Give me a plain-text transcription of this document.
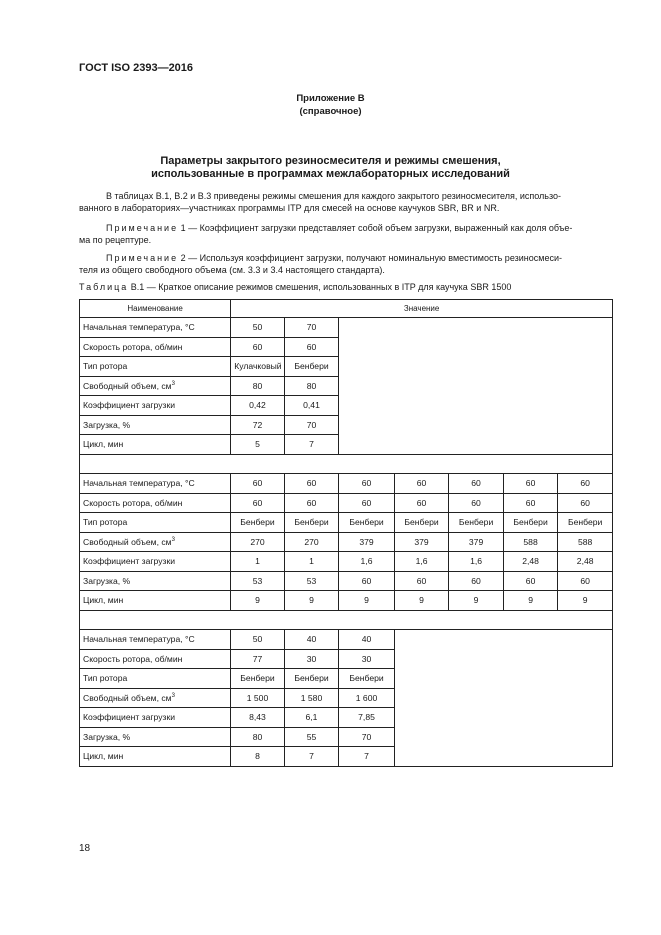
ГОСТ ISO 2393—2016
Приложение В
(справочное)
Параметры закрытого резиносмесителя и режимы смешения,
использованные в программах межлабораторных исследований
В таблицах В.1, В.2 и В.3 приведены режимы смешения для каждого закрытого резиносмесителя, использо-
ванного в лабораториях—участниках программы ITP для смесей на основе каучуков SBR, BR и NR.
Примечание 1 — Коэффициент загрузки представляет собой объем загрузки, выраженный как доля объе-
ма по рецептуре.
Примечание 2 — Используя коэффициент загрузки, получают номинальную вместимость резиносмеси-
теля из общего свободного объема (см. 3.3 и 3.4 настоящего стандарта).
Таблица В.1 — Краткое описание режимов смешения, использованных в ITP для каучука SBR 1500
Наименование	Значение						
Начальная температура, °С	50	70					
Скорость ротора, об/мин	60	60					
Тип ротора	Кулачковый	Бенбери					
Свободный объем, $см^3$	80	80					
Коэффициент загрузки	0,42	0,41					
Загрузка, %	72	70					
Цикл, мин	5	7					

Начальная температура, °С	60	60	60	60	60	60	60
Скорость ротора, об/мин	60	60	60	60	60	60	60
Тип ротора	Бенбери	Бенбери	Бенбери	Бенбери	Бенбери	Бенбери	Бенбери
Свободный объем, $см^3$	270	270	379	379	379	588	588
Коэффициент загрузки	1	1	1,6	1,6	1,6	2,48	2,48
Загрузка, %	53	53	60	60	60	60	60
Цикл, мин	9	9	9	9	9	9	9

Начальная температура, °С	50	40	40				
Скорость ротора, об/мин	77	30	30				
Тип ротора	Бенбери	Бенбери	Бенбери				
Свободный объем, $см^3$	1 500	1 580	1 600				
Коэффициент загрузки	8,43	6,1	7,85				
Загрузка, %	80	55	70				
Цикл, мин	8	7	7				
18
